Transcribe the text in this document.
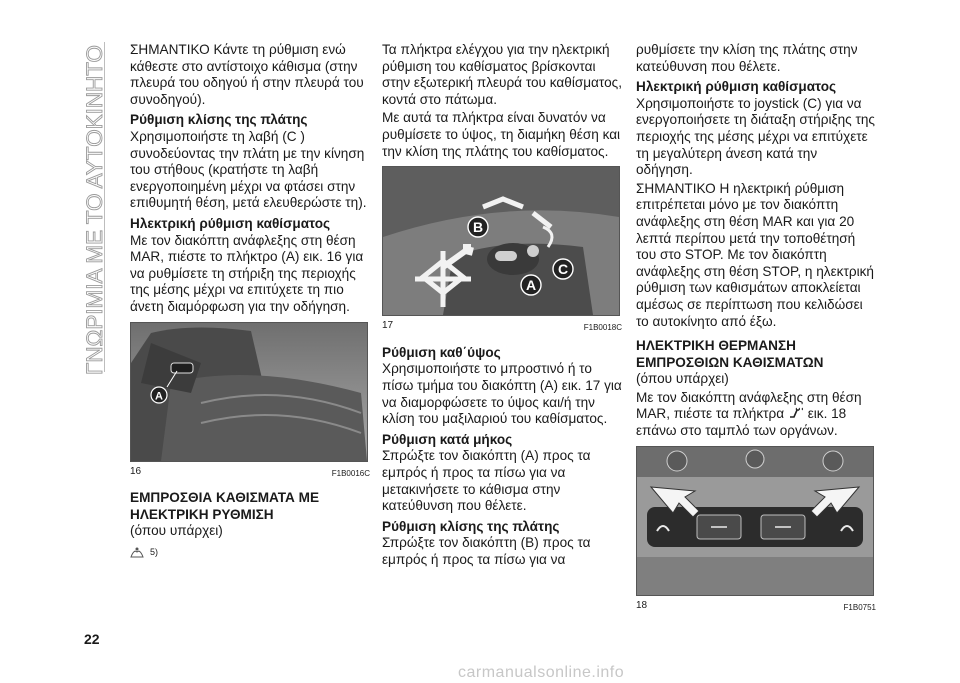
ΓΝΩΡΙΜΙΑ ΜΕ ΤΟ ΑΥΤΟΚΙΝΗΤΟ
22

ΣΗΜΑΝΤΙΚΟ Κάντε τη ρύθμιση ενώ κάθεστε στο αντίστοιχο κάθισμα (στην πλευρά του οδηγού ή στην πλευρά του συνοδηγού).

Ρύθμιση κλίσης της πλάτης

Χρησιμοποιήστε τη λαβή (C ) συνοδεύοντας την πλάτη με την κίνηση του στήθους (κρατήστε τη λαβή ενεργοποιημένη μέχρι να φτάσει στην επιθυμητή θέση, μετά ελευθερώστε τη).

Ηλεκτρική ρύθμιση καθίσματος

Με τον διακόπτη ανάφλεξης στη θέση MAR, πιέστε το πλήκτρο (A) εικ. 16 για να ρυθμίσετε τη στήριξη της περιοχής της μέσης μέχρι να επιτύχετε τη πιο άνετη διαμόρφωση για την οδήγηση.

A
16	F1B0016C
ΕΜΠΡΟΣΘΙΑ ΚΑΘΙΣΜΑΤΑ ΜΕ ΗΛΕΚΤΡΙΚΗ ΡΥΘΜΙΣΗ

(όπου υπάρχει)

5)

Τα πλήκτρα ελέγχου για την ηλεκτρική ρύθμιση του καθίσματος βρίσκονται στην εξωτερική πλευρά του καθίσματος, κοντά στο πάτωμα.

Με αυτά τα πλήκτρα είναι δυνατόν να ρυθμίσετε το ύψος, τη διαμήκη θέση και την κλίση της πλάτης του καθίσματος.

B
A
C
17	F1B0018C
Ρύθμιση καθ΄ύψος

Χρησιμοποιήστε το μπροστινό ή το πίσω τμήμα του διακόπτη (A) εικ. 17 για να διαμορφώσετε το ύψος και/ή την κλίση του μαξιλαριού του καθίσματος.

Ρύθμιση κατά μήκος

Σπρώξτε τον διακόπτη (A) προς τα εμπρός ή προς τα πίσω για να μετακινήσετε το κάθισμα στην κατεύθυνση που θέλετε.

Ρύθμιση κλίσης της πλάτης

Σπρώξτε τον διακόπτη (B) προς τα εμπρός ή προς τα πίσω για να

ρυθμίσετε την κλίση της πλάτης στην κατεύθυνση που θέλετε.

Ηλεκτρική ρύθμιση καθίσματος

Χρησιμοποιήστε το joystick (C) για να ενεργοποιήσετε τη διάταξη στήριξης της περιοχής της μέσης μέχρι να επιτύχετε τη μεγαλύτερη άνεση κατά την οδήγηση.

ΣΗΜΑΝΤΙΚΟ Η ηλεκτρική ρύθμιση επιτρέπεται μόνο με τον διακόπτη ανάφλεξης στη θέση MAR και για 20 λεπτά περίπου μετά την τοποθέτησή του στο STOP. Με τον διακόπτη ανάφλεξης στη θέση STOP, η ηλεκτρική ρύθμιση των καθισμάτων αποκλείεται αμέσως σε περίπτωση που κελιδώσει το αυτοκίνητο από έξω.

ΗΛΕΚΤΡΙΚΗ ΘΕΡΜΑΝΣΗ ΕΜΠΡΟΣΘΙΩΝ ΚΑΘΙΣΜΑΤΩΝ

(όπου υπάρχει)

Με τον διακόπτη ανάφλεξης στη θέση MAR, πιέστε τα πλήκτρα εικ. 18 επάνω στο ταμπλό των οργάνων.

18	F1B0751
carmanualsonline.info
